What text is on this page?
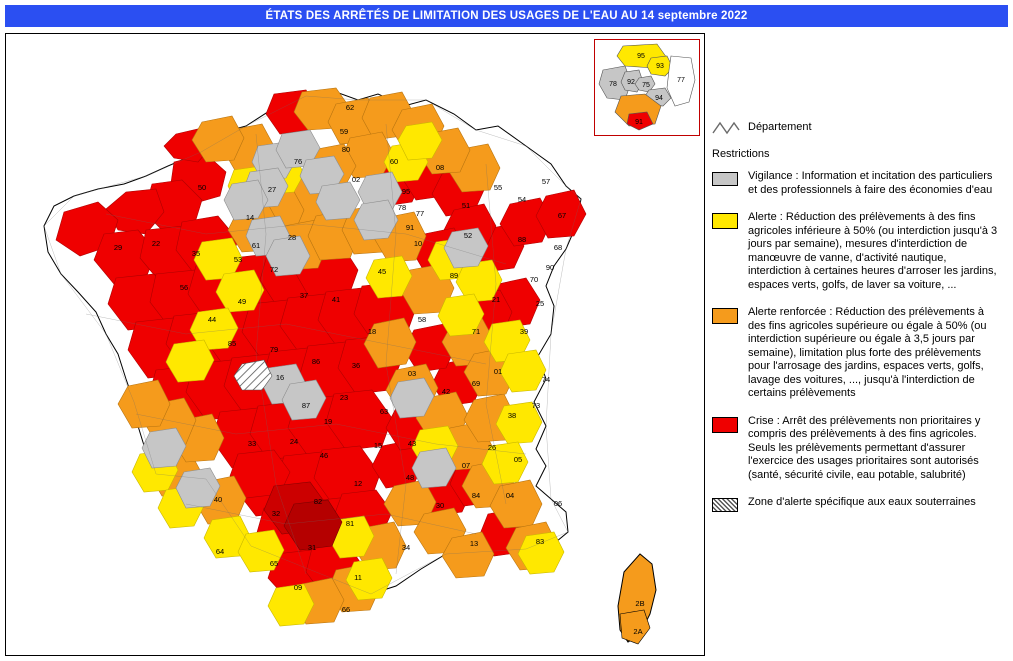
ÉTATS DES ARRÊTÉS DE LIMITATION DES USAGES DE L'EAU AU 14 septembre 2022
62
59
76
80
02
60
08
51
55
54
57
67
68
88
52
10
77
95
78
91
27
14
50
61
28
45	89
21
70
90
25
39
71
58
18
41
37
72
53
35
22
29
56
44
49
85
79
86	36
03
63
42
69
01
74
73
38
26
07
43
15
48
12
46
24
33
87
23
16
19
81
82
32
40
64
65
31
09
11
34
30
84	04
05
06
83
13
2B
2A
66
95
78 92 75
93
94
77
91	Département

Restrictions

Vigilance : Information et incitation des particuliers et des professionnels à faire des économies d'eau
Alerte : Réduction des prélèvements à des fins agricoles inférieure à 50% (ou interdiction jusqu'à 3 jours par semaine), mesures d'interdiction de manœuvre de vanne, d'activité nautique, interdiction à certaines heures d'arroser les jardins, espaces verts, golfs, de laver sa voiture, ...
Alerte renforcée : Réduction des prélèvements à des fins agricoles supérieure ou égale à 50% (ou interdiction supérieure ou égale à 3,5 jours par semaine), limitation plus forte des prélèvements pour l'arrosage des jardins, espaces verts, golfs, lavage des voitures, ..., jusqu'à l'interdiction de certains prélèvements
Crise : Arrêt des prélèvements non prioritaires y compris des prélèvements à des fins agricoles. Seuls les prélèvements permettant d'assurer l'exercice des usages prioritaires sont autorisés (santé, sécurité civile, eau potable, salubrité)
Zone d'alerte spécifique aux eaux souterraines
